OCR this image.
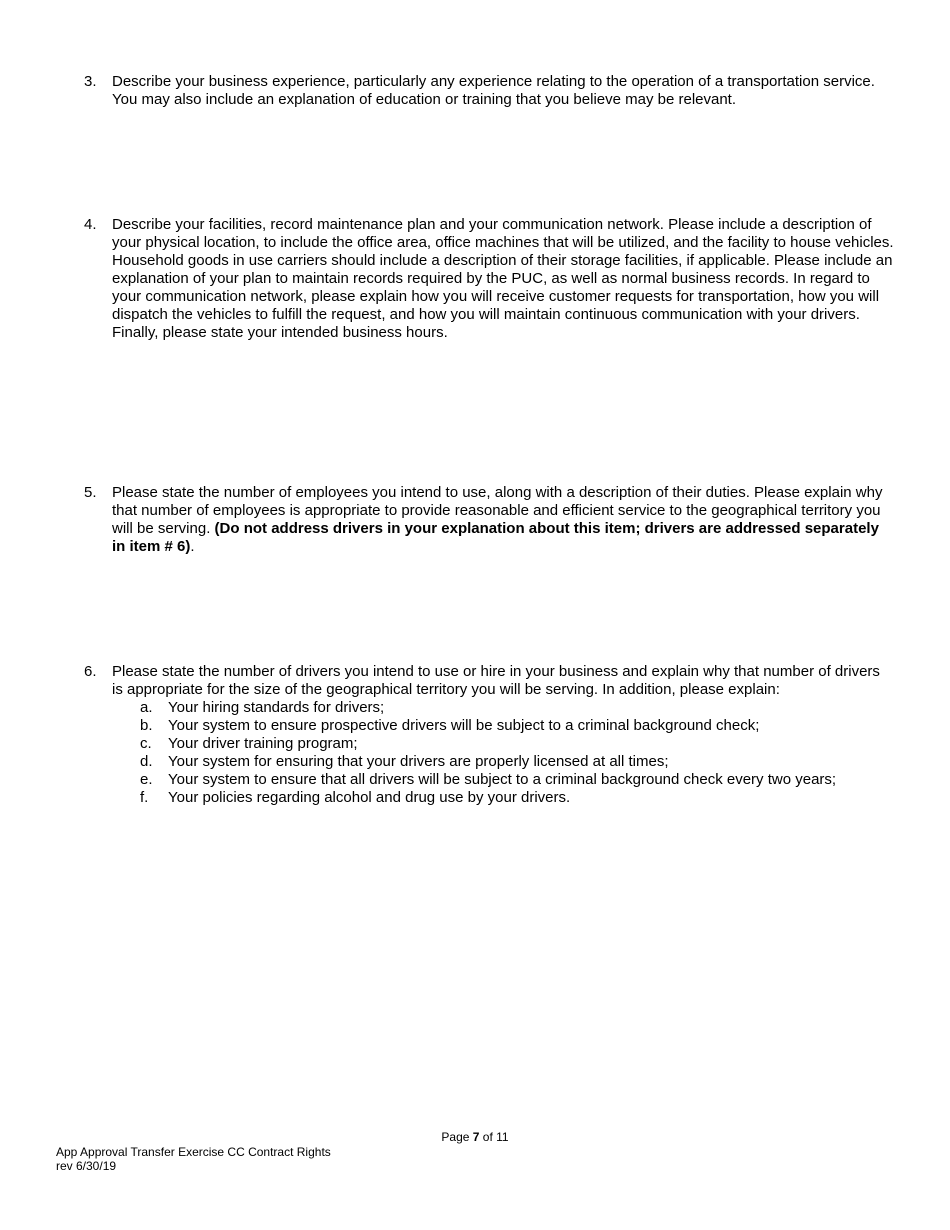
3.	Describe your business experience, particularly any experience relating to the operation of a transportation service. You may also include an explanation of education or training that you believe may be relevant.
4.	Describe your facilities, record maintenance plan and your communication network. Please include a description of your physical location, to include the office area, office machines that will be utilized, and the facility to house vehicles. Household goods in use carriers should include a description of their storage facilities, if applicable. Please include an explanation of your plan to maintain records required by the PUC, as well as normal business records. In regard to your communication network, please explain how you will receive customer requests for transportation, how you will dispatch the vehicles to fulfill the request, and how you will maintain continuous communication with your drivers. Finally, please state your intended business hours.
5.	Please state the number of employees you intend to use, along with a description of their duties. Please explain why that number of employees is appropriate to provide reasonable and efficient service to the geographical territory you will be serving. (Do not address drivers in your explanation about this item; drivers are addressed separately in item # 6).
6.	Please state the number of drivers you intend to use or hire in your business and explain why that number of drivers is appropriate for the size of the geographical territory you will be serving. In addition, please explain:
a. Your hiring standards for drivers;
b. Your system to ensure prospective drivers will be subject to a criminal background check;
c. Your driver training program;
d. Your system for ensuring that your drivers are properly licensed at all times;
e. Your system to ensure that all drivers will be subject to a criminal background check every two years;
f. Your policies regarding alcohol and drug use by your drivers.
Page 7 of 11
App Approval Transfer Exercise CC Contract Rights
rev 6/30/19
